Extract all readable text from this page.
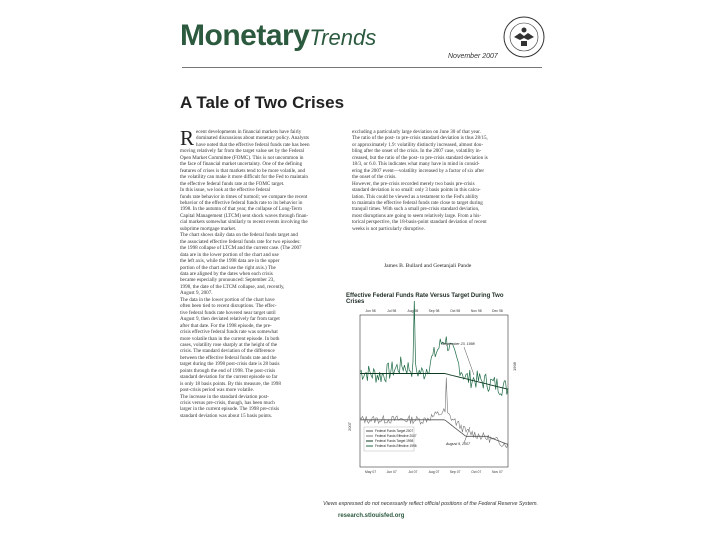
MonetaryTrends
November 2007
A Tale of Two Crises
R ecent developments in financial markets have fairly

dominated discussions about monetary policy. Analysts

have noted that the effective federal funds rate has been

moving relatively far from the target value set by the Federal

Open Market Committee (FOMC). This is not uncommon in

the face of financial market uncertainty. One of the defining

features of crises is that markets tend to be more volatile, and

the volatility can make it more difficult for the Fed to maintain

the effective federal funds rate at the FOMC target.

In this issue, we look at the effective federal

funds rate behavior in times of turmoil; we compare the recent

behavior of the effective federal funds rate to its behavior in

1998. In the autumn of that year, the collapse of Long-Term

Capital Management (LTCM) sent shock waves through finan-

cial markets somewhat similarly to recent events involving the

subprime mortgage market.

The chart shows daily data on the federal funds target and

the associated effective federal funds rate for two episodes:

the 1998 collapse of LTCM and the current case. (The 2007

data are in the lower portion of the chart and use

the left axis, while the 1998 data are in the upper

portion of the chart and use the right axis.) The

data are aligned by the dates when each crisis

became especially pronounced: September 23,

1998, the date of the LTCM collapse, and, recently,

August 9, 2007.

The data in the lower portion of the chart have

often been tied to recent disruptions. The effec-

tive federal funds rate hovered near target until

August 9, then deviated relatively far from target

after that date. For the 1998 episode, the pre-

crisis effective federal funds rate was somewhat

more volatile than in the current episode. In both

cases, volatility rose sharply at the height of the

crisis. The standard deviation of the difference

between the effective federal funds rate and the

target during the 1998 post-crisis date is 28 basis

points through the end of 1998. The post-crisis

standard deviation for the current episode so far

is only 18 basis points. By this measure, the 1998

post-crisis period was more volatile.

The increase in the standard deviation post-

crisis versus pre-crisis, though, has been much

larger in the current episode. The 1998 pre-crisis

standard deviation was about 15 basis points.

excluding a particularly large deviation on June 30 of that year.

The ratio of the post- to pre-crisis standard deviation is thus 28/15,

or approximately 1.9: volatility distinctly increased, almost dou-

bling after the onset of the crisis. In the 2007 case, volatility in-

creased, but the ratio of the post- to pre-crisis standard deviation is

18/3, or 6.0. This indicates what many have in mind in consid-

ering the 2007 event—volatility increased by a factor of six after

the onset of the crisis.

However, the pre-crisis recorded merely two basis pre-crisis

standard deviation is so small: only 3 basis points in this calcu-

lation. This could be viewed as a testament to the Fed's ability

to maintain the effective federal funds rate close to target during

tranquil times. With such a small pre-crisis standard deviation,

most disruptions are going to seem relatively large. From a his-

torical perspective, the 18-basis-point standard deviation of recent

weeks is not particularly disruptive.

James B. Bullard and Geetanjali Pande
Effective Federal Funds Rate Versus Target During Two Crises
Jun 98	Jul 98	Aug 98	Sep 98	Oct 98	Nov 98	Dec 98
May 07	Jun 07	Jul 07	Aug 07	Sep 07	Oct 07	Nov 07
2007
1998
September 23, 1998
August 9, 2007
Federal Funds Target 2007
Federal Funds Effective 2007
Federal Funds Target 1998
Federal Funds Effective 1998
Views expressed do not necessarily reflect official positions of the Federal Reserve System.
research.stlouisfed.org
